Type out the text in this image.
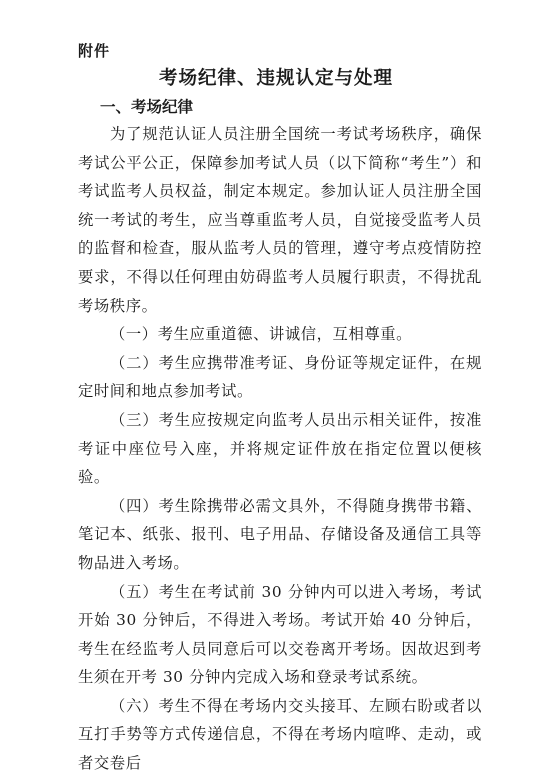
附件
考场纪律、违规认定与处理
一、考场纪律

为了规范认证人员注册全国统一考试考场秩序，确保考试公平公正，保障参加考试人员（以下简称“考生”）和考试监考人员权益，制定本规定。参加认证人员注册全国统一考试的考生，应当尊重监考人员，自觉接受监考人员的监督和检查，服从监考人员的管理，遵守考点疫情防控要求，不得以任何理由妨碍监考人员履行职责，不得扰乱考场秩序。

（一）考生应重道德、讲诚信，互相尊重。

（二）考生应携带准考证、身份证等规定证件，在规定时间和地点参加考试。

（三）考生应按规定向监考人员出示相关证件，按准考证中座位号入座，并将规定证件放在指定位置以便核验。

（四）考生除携带必需文具外，不得随身携带书籍、笔记本、纸张、报刊、电子用品、存储设备及通信工具等物品进入考场。

（五）考生在考试前 30 分钟内可以进入考场，考试开始 30 分钟后，不得进入考场。考试开始 40 分钟后，考生在经监考人员同意后可以交卷离开考场。因故迟到考生须在开考 30 分钟内完成入场和登录考试系统。

（六）考生不得在考场内交头接耳、左顾右盼或者以互打手势等方式传递信息，不得在考场内喧哗、走动，或者交卷后
